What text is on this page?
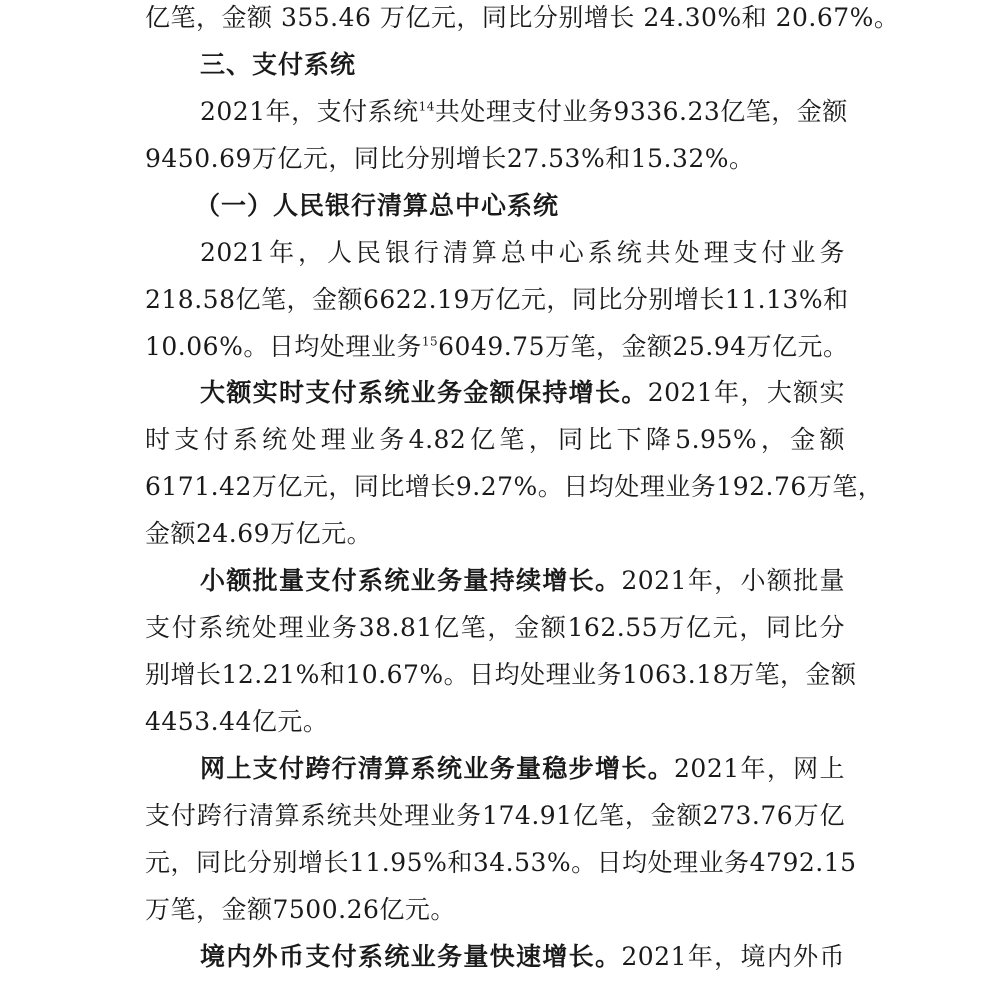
亿笔，金额 355.46 万亿元，同比分别增长 24.30%和 20.67%。
三、支付系统
2021年，支付系统$^{14}$共处理支付业务9336.23亿笔，金额
9450.69万亿元，同比分别增长27.53%和15.32%。
（一）人民银行清算总中心系统
2021年，人民银行清算总中心系统共处理支付业务
218.58亿笔，金额6622.19万亿元，同比分别增长11.13%和
10.06%。日均处理业务$^{15}$6049.75万笔，金额25.94万亿元。
大额实时支付系统业务金额保持增长。2021年，大额实
时支付系统处理业务4.82亿笔，同比下降5.95%，金额
6171.42万亿元，同比增长9.27%。日均处理业务192.76万笔，
金额24.69万亿元。
小额批量支付系统业务量持续增长。2021年，小额批量
支付系统处理业务38.81亿笔，金额162.55万亿元，同比分
别增长12.21%和10.67%。日均处理业务1063.18万笔，金额
4453.44亿元。
网上支付跨行清算系统业务量稳步增长。2021年，网上
支付跨行清算系统共处理业务174.91亿笔，金额273.76万亿
元，同比分别增长11.95%和34.53%。日均处理业务4792.15
万笔，金额7500.26亿元。
境内外币支付系统业务量快速增长。2021年，境内外币
